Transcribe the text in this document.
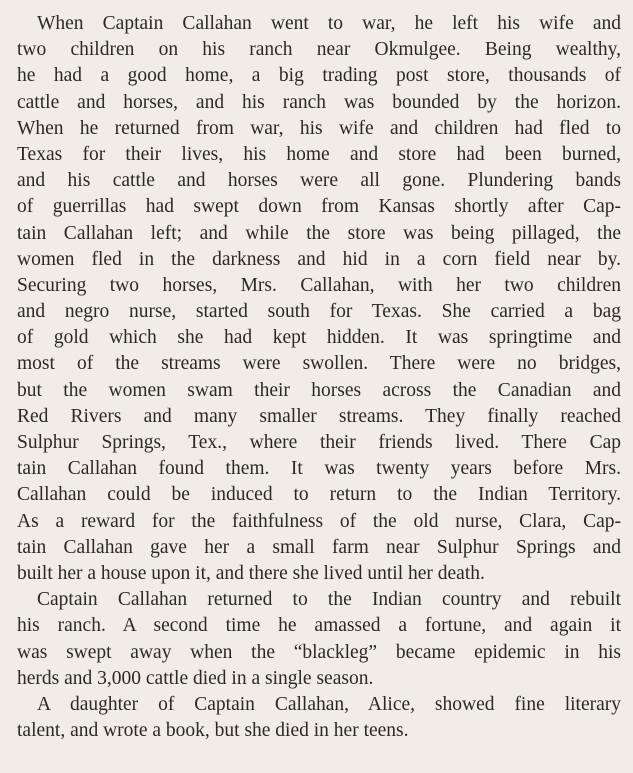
When Captain Callahan went to war, he left his wife and
two children on his ranch near Okmulgee. Being wealthy,
he had a good home, a big trading post store, thousands of
cattle and horses, and his ranch was bounded by the horizon.
When he returned from war, his wife and children had fled to
Texas for their lives, his home and store had been burned,
and his cattle and horses were all gone. Plundering bands
of guerrillas had swept down from Kansas shortly after Cap-
tain Callahan left; and while the store was being pillaged, the
women fled in the darkness and hid in a corn field near by.
Securing two horses, Mrs. Callahan, with her two children
and negro nurse, started south for Texas. She carried a bag
of gold which she had kept hidden. It was springtime and
most of the streams were swollen. There were no bridges,
but the women swam their horses across the Canadian and
Red Rivers and many smaller streams. They finally reached
Sulphur Springs, Tex., where their friends lived. There Cap
tain Callahan found them. It was twenty years before Mrs.
Callahan could be induced to return to the Indian Territory.
As a reward for the faithfulness of the old nurse, Clara, Cap-
tain Callahan gave her a small farm near Sulphur Springs and
built her a house upon it, and there she lived until her death.
Captain Callahan returned to the Indian country and rebuilt
his ranch. A second time he amassed a fortune, and again it
was swept away when the “blackleg” became epidemic in his
herds and 3,000 cattle died in a single season.
A daughter of Captain Callahan, Alice, showed fine literary
talent, and wrote a book, but she died in her teens.
